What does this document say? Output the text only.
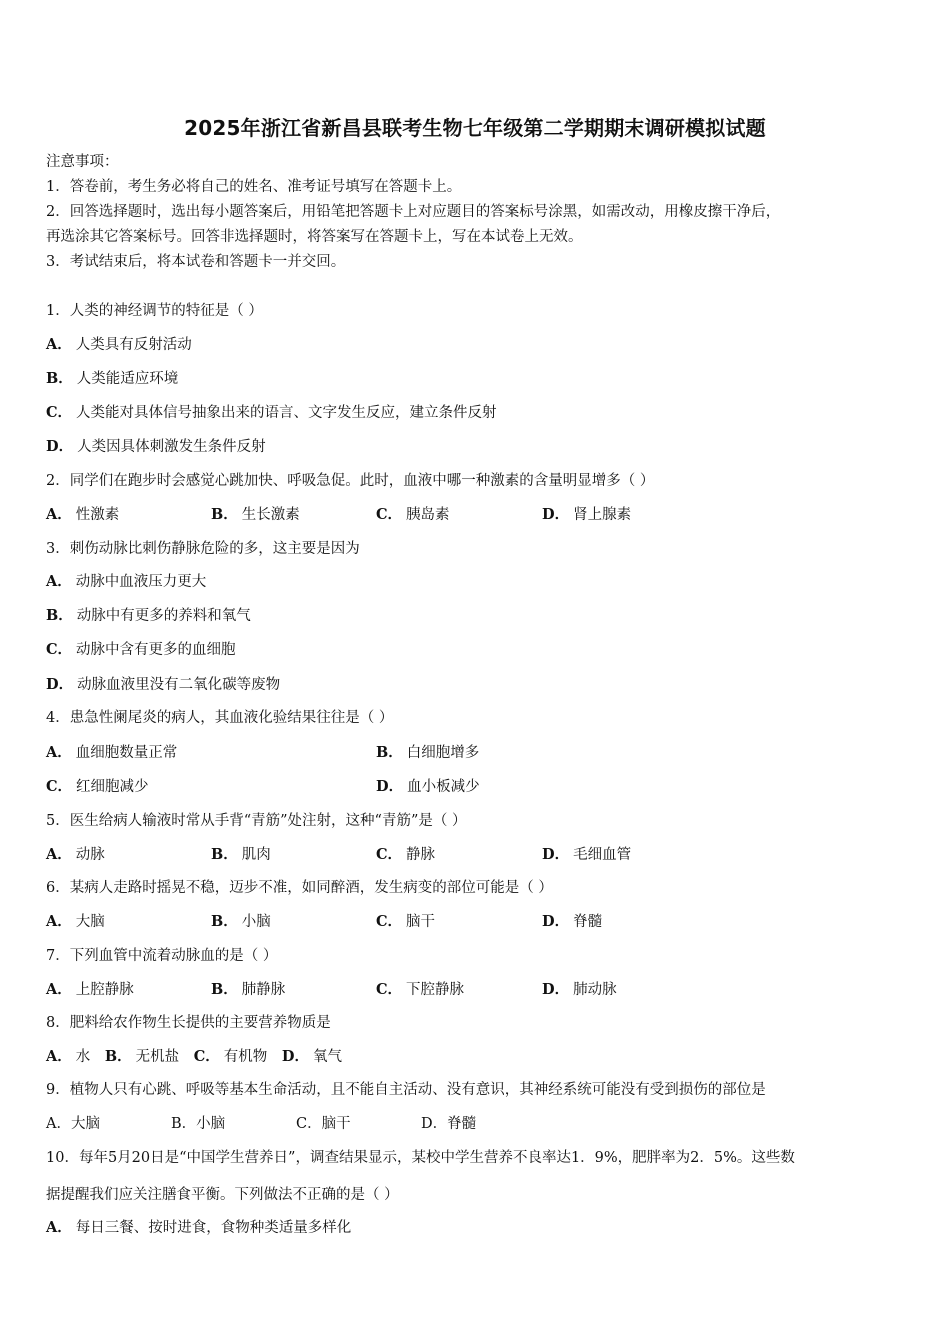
2025年浙江省新昌县联考生物七年级第二学期期末调研模拟试题
注意事项：
1．答卷前，考生务必将自己的姓名、准考证号填写在答题卡上。
2．回答选择题时，选出每小题答案后，用铅笔把答题卡上对应题目的答案标号涂黑，如需改动，用橡皮擦干净后，
再选涂其它答案标号。回答非选择题时，将答案写在答题卡上，写在本试卷上无效。
3．考试结束后，将本试卷和答题卡一并交回。
1．人类的神经调节的特征是（ ）
A． 人类具有反射活动
B． 人类能适应环境
C． 人类能对具体信号抽象出来的语言、文字发生反应，建立条件反射
D． 人类因具体刺激发生条件反射
2．同学们在跑步时会感觉心跳加快、呼吸急促。此时，血液中哪一种激素的含量明显增多（ ）
A． 性激素	B． 生长激素	C． 胰岛素	D． 肾上腺素
3．刺伤动脉比刺伤静脉危险的多，这主要是因为
A． 动脉中血液压力更大
B． 动脉中有更多的养料和氧气
C． 动脉中含有更多的血细胞
D． 动脉血液里没有二氧化碳等废物
4．患急性阑尾炎的病人，其血液化验结果往往是（ ）
A． 血细胞数量正常	B． 白细胞增多
C． 红细胞减少	D． 血小板减少
5．医生给病人输液时常从手背“青筋”处注射，这种“青筋”是（ ）
A． 动脉	B． 肌肉	C． 静脉	D． 毛细血管
6．某病人走路时摇晃不稳，迈步不准，如同醉酒，发生病变的部位可能是（ ）
A． 大脑	B． 小脑	C． 脑干	D． 脊髓
7．下列血管中流着动脉血的是（ ）
A． 上腔静脉	B． 肺静脉	C． 下腔静脉	D． 肺动脉
8．肥料给农作物生长提供的主要营养物质是
A． 水 B． 无机盐 C． 有机物 D． 氧气
9．植物人只有心跳、呼吸等基本生命活动，且不能自主活动、没有意识，其神经系统可能没有受到损伤的部位是
A．大脑	B．小脑	C．脑干	D．脊髓
10．每年5月20日是“中国学生营养日”，调查结果显示，某校中学生营养不良率达1．9%，肥胖率为2．5%。这些数
据提醒我们应关注膳食平衡。下列做法不正确的是（ ）
A． 每日三餐、按时进食，食物种类适量多样化
